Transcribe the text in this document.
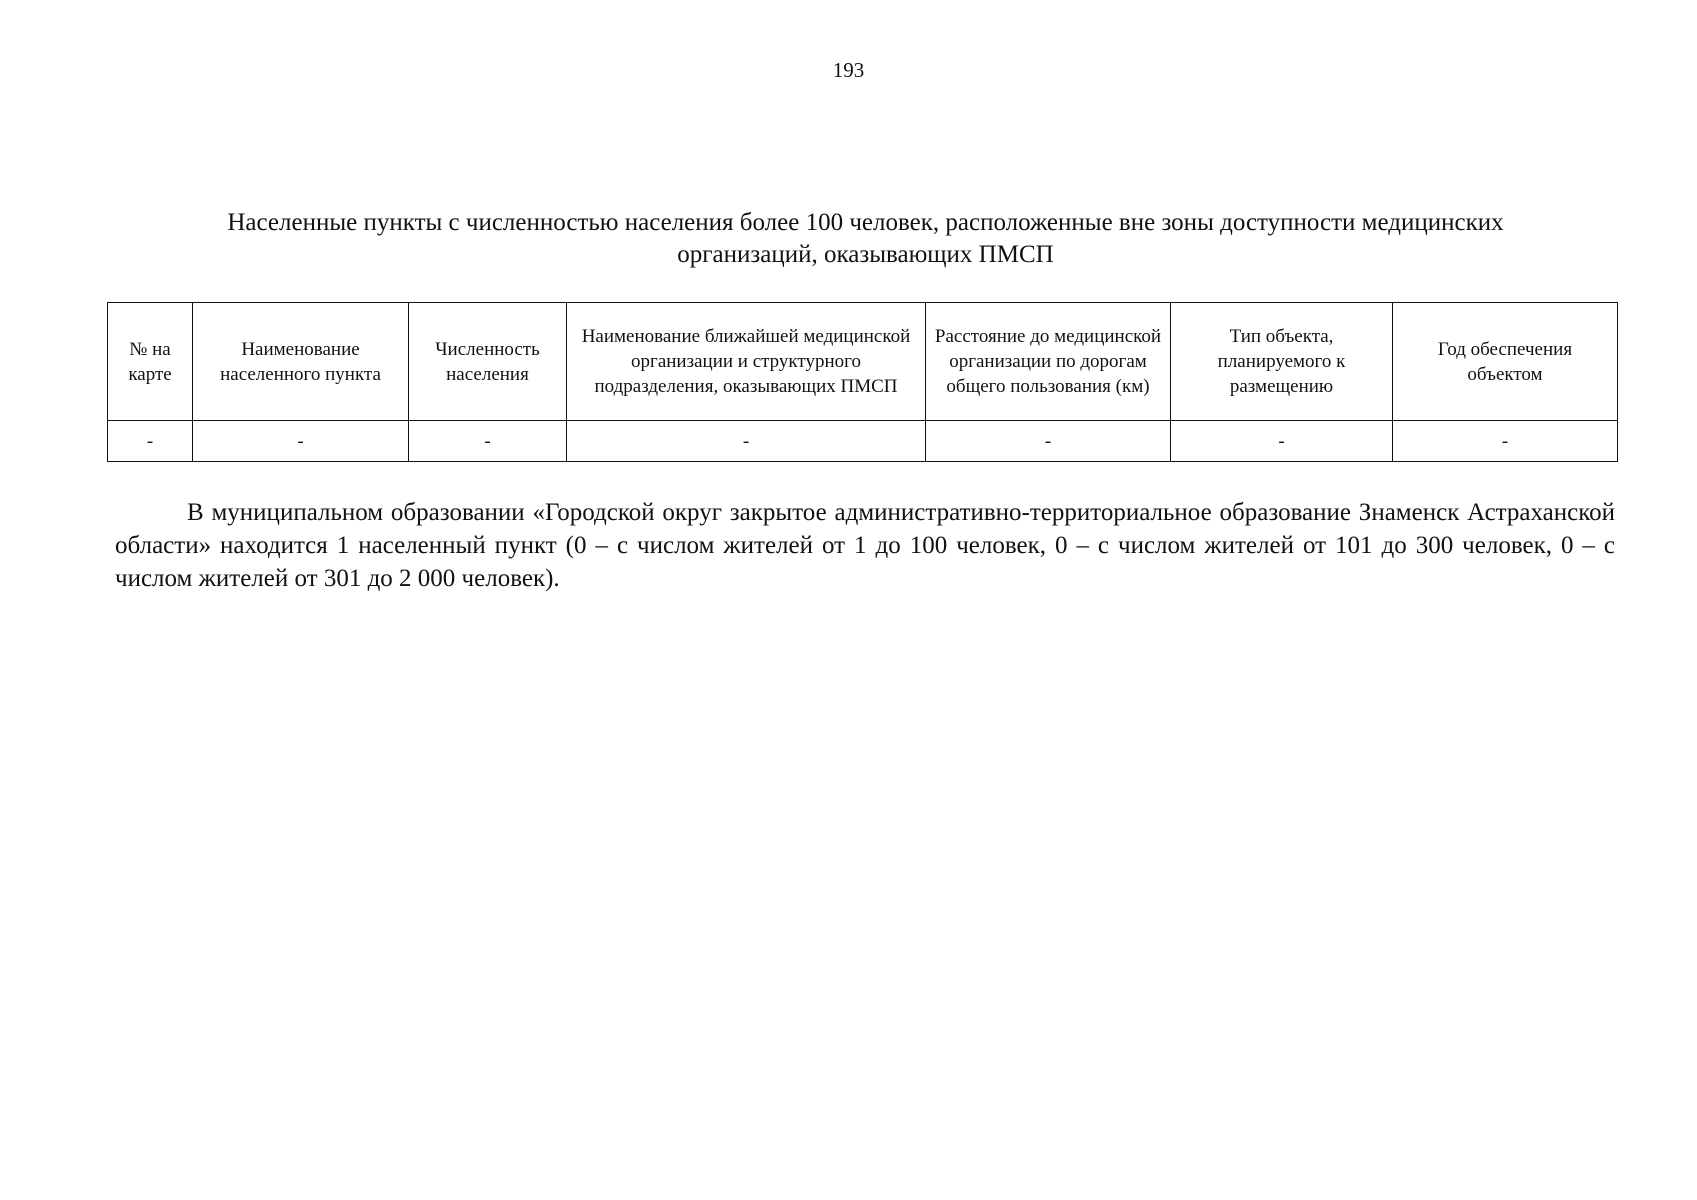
193
Населенные пункты с численностью населения более 100 человек, расположенные вне зоны доступности медицинских
организаций, оказывающих ПМСП
№ на карте	Наименование населенного пункта	Численность населения	Наименование ближайшей медицинской организации и структурного подразделения, оказывающих ПМСП	Расстояние до медицинской организации по дорогам общего пользования (км)	Тип объекта, планируемого к размещению	Год обеспечения объектом
-	-	-	-	-	-	-

В муниципальном образовании «Городской округ закрытое административно-территориальное образование Знаменск Астраханской области» находится 1 населенный пункт (0 – с числом жителей от 1 до 100 человек, 0 – с числом жителей от 101 до 300 человек, 0 – с числом жителей от 301 до 2 000 человек).
